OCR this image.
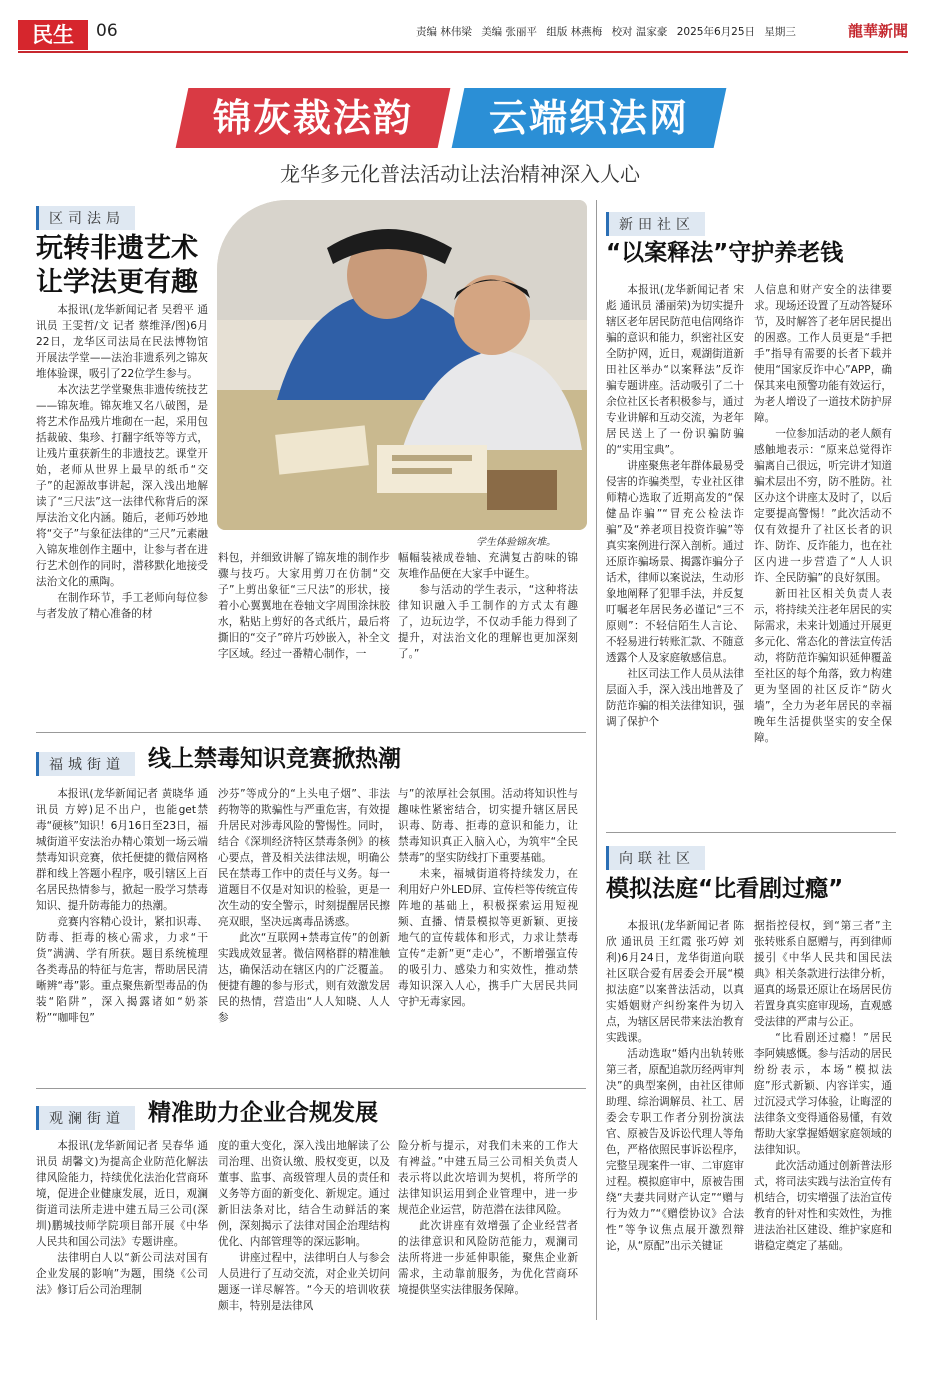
民生	06	责编 林伟梁 美编 张丽平 组版 林燕梅 校对 温家豪 2025年6月25日 星期三	龍華新聞
锦灰裁法韵	云端织法网
龙华多元化普法活动让法治精神深入人心
区司法局
玩转非遗艺术
让学法更有趣
学生体验锦灰堆。

本报讯(龙华新闻记者 吴碧平 通讯员 王雯哲/文 记者 蔡维泽/图)6月22日，龙华区司法局在民法博物馆开展法学堂——法治非遗系列之锦灰堆体验课，吸引了22位学生参与。

本次法艺学堂聚焦非遗传统技艺——锦灰堆。锦灰堆又名八破图，是将艺术作品残片堆砌在一起，采用包括裁破、集珍、打翻字纸等等方式，让残片重获新生的非遗技艺。课堂开始，老师从世界上最早的纸币“交子”的起源故事讲起，深入浅出地解读了“三尺法”这一法律代称背后的深厚法治文化内涵。随后，老师巧妙地将“交子”与象征法律的“三尺”元素融入锦灰堆创作主题中，让参与者在进行艺术创作的同时，潜移默化地接受法治文化的熏陶。

在制作环节，手工老师向每位参与者发放了精心准备的材

料包，并细致讲解了锦灰堆的制作步骤与技巧。大家用剪刀在仿制“交子”上剪出象征“三尺法”的形状，接着小心翼翼地在卷轴文字周围涂抹胶水，粘贴上剪好的各式纸片，最后将撕旧的“交子”碎片巧妙嵌入，补全文字区域。经过一番精心制作，一

幅幅装裱成卷轴、充满复古韵味的锦灰堆作品便在大家手中诞生。

参与活动的学生表示，“这种将法律知识融入手工制作的方式太有趣了，边玩边学，不仅动手能力得到了提升，对法治文化的理解也更加深刻了。”

新田社区
“以案释法”守护养老钱

本报讯(龙华新闻记者 宋彪 通讯员 潘丽荣)为切实提升辖区老年居民防范电信网络诈骗的意识和能力，织密社区安全防护网，近日，观湖街道新田社区举办“以案释法”反诈骗专题讲座。活动吸引了二十余位社区长者积极参与，通过专业讲解和互动交流，为老年居民送上了一份识骗防骗的“实用宝典”。

讲座聚焦老年群体最易受侵害的诈骗类型，专业社区律师精心选取了近期高发的“保健品诈骗”“冒充公检法诈骗”及“养老项目投资诈骗”等真实案例进行深入剖析。通过还原诈骗场景、揭露诈骗分子话术，律师以案说法，生动形象地阐释了犯罪手法，并反复叮嘱老年居民务必谨记“三不原则”：不轻信陌生人言论、不轻易进行转账汇款、不随意透露个人及家庭敏感信息。

社区司法工作人员从法律层面入手，深入浅出地普及了防范诈骗的相关法律知识，强调了保护个

人信息和财产安全的法律要求。现场还设置了互动答疑环节，及时解答了老年居民提出的困惑。工作人员更是“手把手”指导有需要的长者下载并使用“国家反诈中心”APP，确保其来电预警功能有效运行，为老人增设了一道技术防护屏障。

一位参加活动的老人颇有感触地表示：“原来总觉得诈骗离自己很远，听完讲才知道骗术层出不穷，防不胜防。社区办这个讲座太及时了，以后定要提高警惕！”此次活动不仅有效提升了社区长者的识诈、防诈、反诈能力，也在社区内进一步营造了“人人识诈、全民防骗”的良好氛围。

新田社区相关负责人表示，将持续关注老年居民的实际需求，未来计划通过开展更多元化、常态化的普法宣传活动，将防范诈骗知识延伸覆盖至社区的每个角落，致力构建更为坚固的社区反诈“防火墙”，全力为老年居民的幸福晚年生活提供坚实的安全保障。

福城街道	线上禁毒知识竞赛掀热潮

本报讯(龙华新闻记者 黄晓华 通讯员 方婷)足不出户，也能get禁毒“硬核”知识！6月16日至23日，福城街道平安法治办精心策划一场云端禁毒知识竞赛，依托便捷的微信网格群和线上答题小程序，吸引辖区上百名居民热情参与，掀起一股学习禁毒知识、提升防毒能力的热潮。

竞赛内容精心设计，紧扣识毒、防毒、拒毒的核心需求，力求“干货”满满、学有所获。题目系统梳理各类毒品的特征与危害，帮助居民清晰辨“毒”影。重点聚焦新型毒品的伪装“陷阱”，深入揭露诸如“奶茶粉”“咖啡包”

沙芬”等成分的“上头电子烟”、非法药物等的欺骗性与严重危害，有效提升居民对涉毒风险的警惕性。同时，结合《深圳经济特区禁毒条例》的核心要点，普及相关法律法规，明确公民在禁毒工作中的责任与义务。每一道题目不仅是对知识的检验，更是一次生动的安全警示，时刻提醒居民擦亮双眼，坚决远离毒品诱惑。

此次“互联网+禁毒宣传”的创新实践成效显著。微信网格群的精准触达，确保活动在辖区内的广泛覆盖。便捷有趣的参与形式，则有效激发居民的热情，营造出“人人知晓、人人参

与”的浓厚社会氛围。活动将知识性与趣味性紧密结合，切实提升辖区居民识毒、防毒、拒毒的意识和能力，让禁毒知识真正入脑入心，为筑牢“全民禁毒”的坚实防线打下重要基础。

未来，福城街道将持续发力，在利用好户外LED屏、宣传栏等传统宣传阵地的基础上，积极探索运用短视频、直播、情景模拟等更新颖、更接地气的宣传载体和形式，力求让禁毒宣传“走新”更“走心”，不断增强宣传的吸引力、感染力和实效性，推动禁毒知识深入人心，携手广大居民共同守护无毒家园。

观澜街道	精准助力企业合规发展

本报讯(龙华新闻记者 吴春华 通讯员 胡馨文)为提高企业防范化解法律风险能力，持续优化法治化营商环境，促进企业健康发展，近日，观澜街道司法所走进中建五局三公司(深圳)鹏城技师学院项目部开展《中华人民共和国公司法》专题讲座。

法律明白人以“新公司法对国有企业发展的影响”为题，围绕《公司法》修订后公司治理制

度的重大变化，深入浅出地解读了公司治理、出资认缴、股权变更，以及董事、监事、高级管理人员的责任和义务等方面的新变化、新规定。通过新旧法条对比，结合生动鲜活的案例，深刻揭示了法律对国企治理结构优化、内部管理等的深远影响。

讲座过程中，法律明白人与参会人员进行了互动交流，对企业关切问题逐一详尽解答。“今天的培训收获颇丰，特别是法律风

险分析与提示，对我们未来的工作大有裨益。”中建五局三公司相关负责人表示将以此次培训为契机，将所学的法律知识运用到企业管理中，进一步规范企业运营，防范潜在法律风险。

此次讲座有效增强了企业经营者的法律意识和风险防范能力，观澜司法所将进一步延伸职能，聚焦企业新需求，主动靠前服务，为优化营商环境提供坚实法律服务保障。

向联社区
模拟法庭“比看剧过瘾”

本报讯(龙华新闻记者 陈欣 通讯员 王红霞 张巧婷 刘利)6月24日，龙华街道向联社区联合爱有居委会开展“模拟法庭”以案普法活动，以真实婚姻财产纠纷案件为切入点，为辖区居民带来法治教育实践课。

活动选取“婚内出轨转账第三者，原配追款历经两审判决”的典型案例，由社区律师助理、综治调解员、社工、居委会专职工作者分别扮演法官、原被告及诉讼代理人等角色，严格依照民事诉讼程序，完整呈现案件一审、二审庭审过程。模拟庭审中，原被告围绕“夫妻共同财产认定”“赠与行为效力”“《赠偿协议》合法性”等争议焦点展开激烈辩论，从“原配”出示关键证

据指控侵权，到“第三者”主张转账系自愿赠与，再到律师援引《中华人民共和国民法典》相关条款进行法律分析，逼真的场景还原让在场居民仿若置身真实庭审现场，直观感受法律的严肃与公正。

“比看剧还过瘾！”居民李阿姨感慨。参与活动的居民纷纷表示，本场“模拟法庭”形式新颖、内容详实，通过沉浸式学习体验，让晦涩的法律条文变得通俗易懂，有效帮助大家掌握婚姻家庭领域的法律知识。

此次活动通过创新普法形式，将司法实践与法治宣传有机结合，切实增强了法治宣传教育的针对性和实效性，为推进法治社区建设、维护家庭和谐稳定奠定了基础。
